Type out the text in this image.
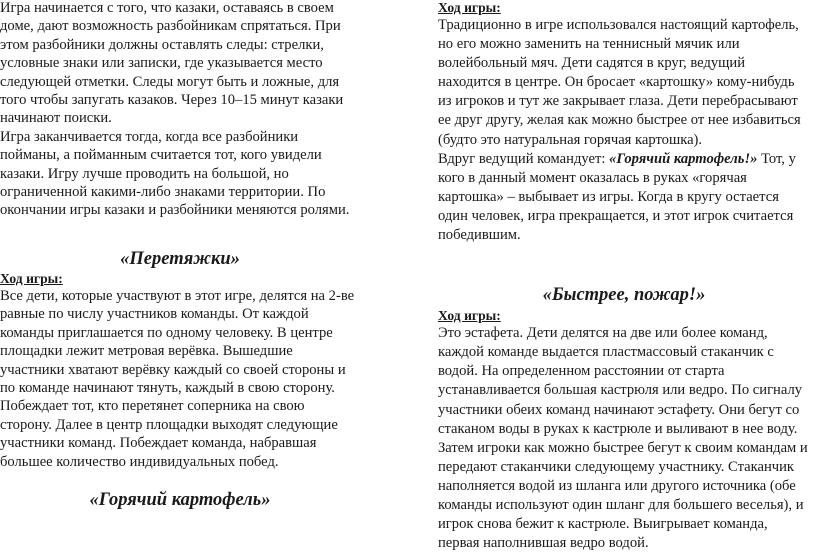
Игра начинается с того, что казаки, оставаясь в своем доме, дают возможность разбойникам спрятаться. При этом разбойники должны оставлять следы: стрелки, условные знаки или записки, где указывается место следующей отметки. Следы могут быть и ложные, для того чтобы запугать казаков. Через 10–15 минут казаки начинают поиски.

Игра заканчивается тогда, когда все разбойники пойманы, а пойманным считается тот, кого увидели казаки. Игру лучше проводить на большой, но ограниченной какими-либо знаками территории. По окончании игры казаки и разбойники меняются ролями.

«Перетяжки»
Ход игры:

Все дети, которые участвуют в этот игре, делятся на 2-ве равные по числу участников команды. От каждой команды приглашается по одному человеку. В центре площадки лежит метровая верёвка. Вышедшие участники хватают верёвку каждый со своей стороны и по команде начинают тянуть, каждый в свою сторону. Побеждает тот, кто перетянет соперника на свою сторону. Далее в центр площадки выходят следующие участники команд. Побеждает команда, набравшая большее количество индивидуальных побед.

«Горячий картофель»
Ход игры:

Традиционно в игре использовался настоящий картофель, но его можно заменить на теннисный мячик или волейбольный мяч. Дети садятся в круг, ведущий находится в центре. Он бросает «картошку» кому-нибудь из игроков и тут же закрывает глаза. Дети перебрасывают ее друг другу, желая как можно быстрее от нее избавиться (будто это натуральная горячая картошка).

Вдруг ведущий командует: «Горячий картофель!» Тот, у кого в данный момент оказалась в руках «горячая картошка» – выбывает из игры. Когда в кругу остается один человек, игра прекращается, и этот игрок считается победившим.

«Быстрее, пожар!»
Ход игры:

Это эстафета. Дети делятся на две или более команд, каждой команде выдается пластмассовый стаканчик с водой. На определенном расстоянии от старта устанавливается большая кастрюля или ведро. По сигналу участники обеих команд начинают эстафету. Они бегут со стаканом воды в руках к кастрюле и выливают в нее воду. Затем игроки как можно быстрее бегут к своим командам и передают стаканчики следующему участнику. Стаканчик наполняется водой из шланга или другого источника (обе команды используют один шланг для большего веселья), и игрок снова бежит к кастрюле. Выигрывает команда, первая наполнившая ведро водой.
